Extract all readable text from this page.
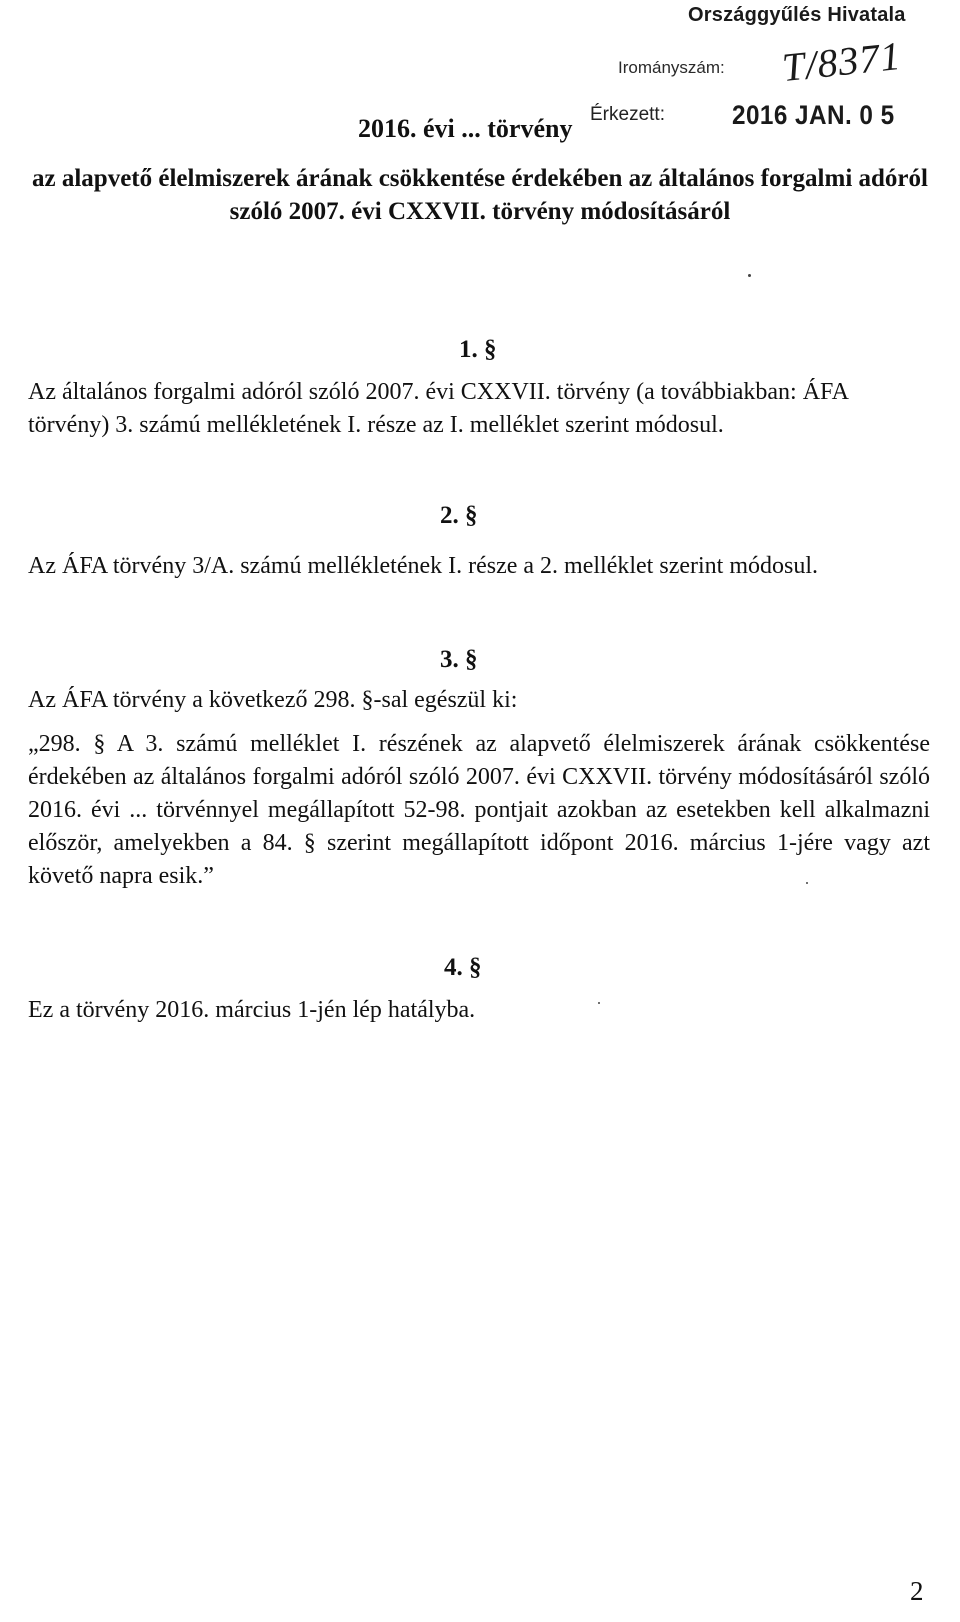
Országgyűlés Hivatala
Irományszám: T/8371
Érkezett: 2016 JAN. 0 5
2016. évi ... törvény
az alapvető élelmiszerek árának csökkentése érdekében az általános forgalmi adóról
szóló 2007. évi CXXVII. törvény módosításáról
1. §
Az általános forgalmi adóról szóló 2007. évi CXXVII. törvény (a továbbiakban: ÁFA
törvény) 3. számú mellékletének I. része az I. melléklet szerint módosul.
2. §
Az ÁFA törvény 3/A. számú mellékletének I. része a 2. melléklet szerint módosul.
3. §
Az ÁFA törvény a következő 298. §-sal egészül ki:
„298. § A 3. számú melléklet I. részének az alapvető élelmiszerek árának csökkentése érdekében az általános forgalmi adóról szóló 2007. évi CXXVII. törvény módosításáról szóló 2016. évi ... törvénnyel megállapított 52-98. pontjait azokban az esetekben kell alkalmazni először, amelyekben a 84. § szerint megállapított időpont 2016. március 1-jére vagy azt követő napra esik.”
4. §
Ez a törvény 2016. március 1-jén lép hatályba.
2
